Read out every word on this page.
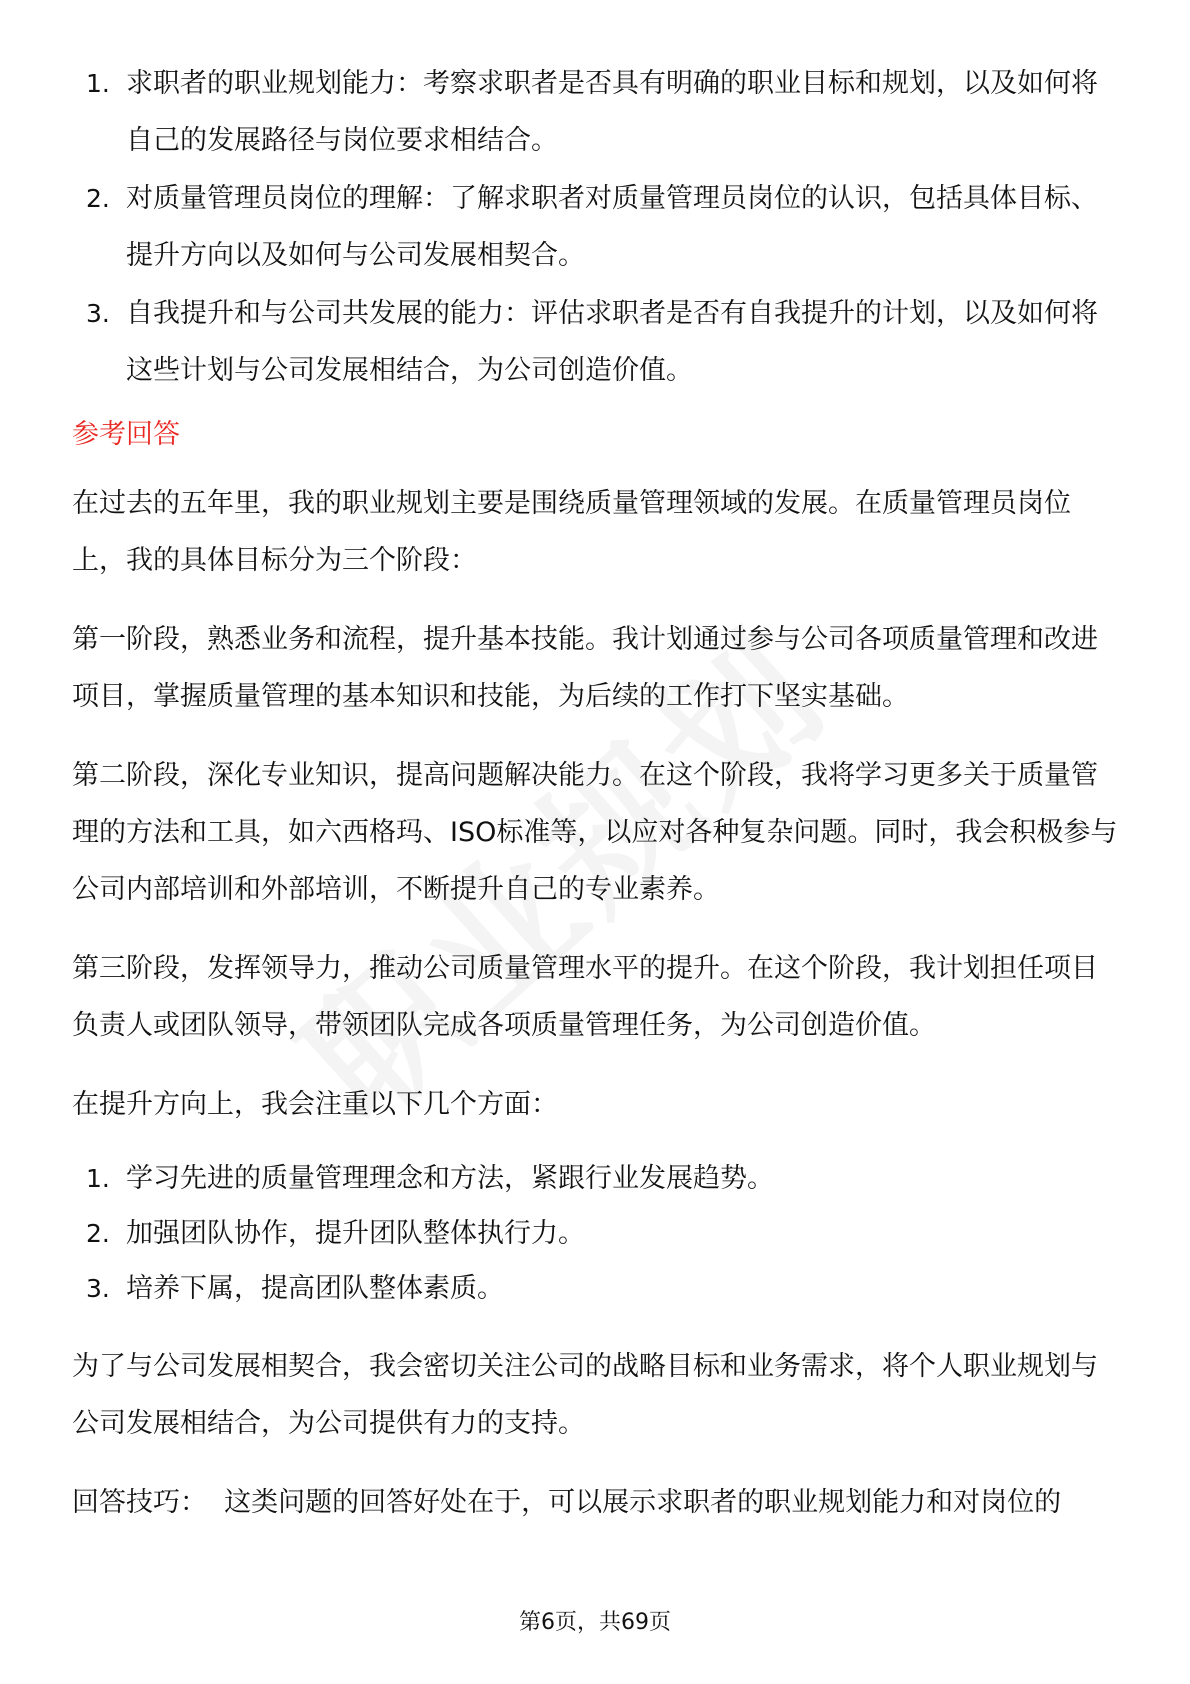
1. 求职者的职业规划能力：考察求职者是否具有明确的职业目标和规划，以及如何将自己的发展路径与岗位要求相结合。
2. 对质量管理员岗位的理解：了解求职者对质量管理员岗位的认识，包括具体目标、提升方向以及如何与公司发展相契合。
3. 自我提升和与公司共发展的能力：评估求职者是否有自我提升的计划，以及如何将这些计划与公司发展相结合，为公司创造价值。
参考回答

在过去的五年里，我的职业规划主要是围绕质量管理领域的发展。在质量管理员岗位上，我的具体目标分为三个阶段：

第一阶段，熟悉业务和流程，提升基本技能。我计划通过参与公司各项质量管理和改进项目，掌握质量管理的基本知识和技能，为后续的工作打下坚实基础。

第二阶段，深化专业知识，提高问题解决能力。在这个阶段，我将学习更多关于质量管理的方法和工具，如六西格玛、ISO标准等，以应对各种复杂问题。同时，我会积极参与公司内部培训和外部培训，不断提升自己的专业素养。

第三阶段，发挥领导力，推动公司质量管理水平的提升。在这个阶段，我计划担任项目负责人或团队领导，带领团队完成各项质量管理任务，为公司创造价值。

在提升方向上，我会注重以下几个方面：

1. 学习先进的质量管理理念和方法，紧跟行业发展趋势。
2. 加强团队协作，提升团队整体执行力。
3. 培养下属，提高团队整体素质。

为了与公司发展相契合，我会密切关注公司的战略目标和业务需求，将个人职业规划与公司发展相结合，为公司提供有力的支持。

回答技巧：  这类问题的回答好处在于，可以展示求职者的职业规划能力和对岗位的

第6页，共69页
